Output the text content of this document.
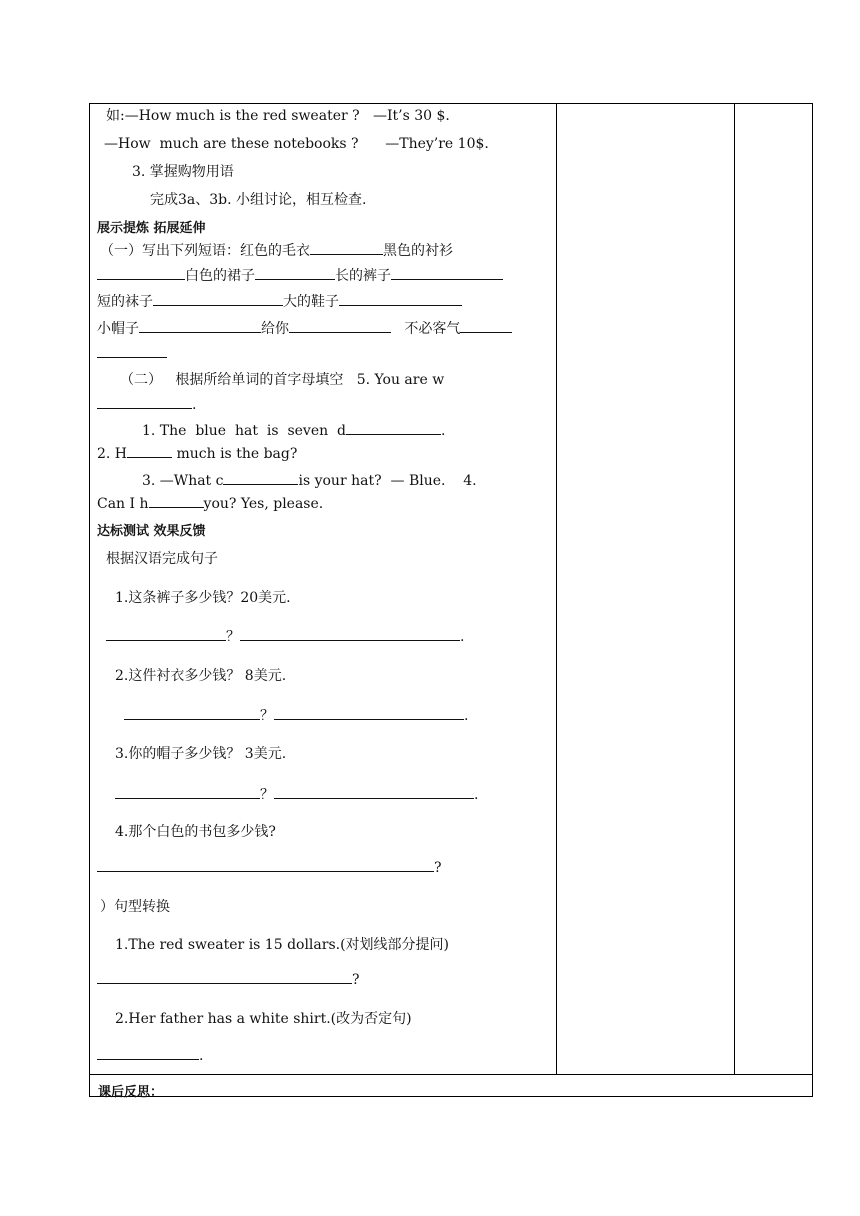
课后反思：
如:—How much is the red sweater ?   —It’s 30 $.
—How  much are these notebooks ?      —They’re 10$.
3. 掌握购物用语
完成3a、3b. 小组讨论，相互检查.
展示提炼 拓展延伸
（一）写出下列短语：红色的毛衣	黑色的衬衫
白色的裙子	长的裤子
短的袜子	大的鞋子
小帽子	给你	不必客气
（二）   根据所给单词的首字母填空   5. You are w
.
1. The  blue  hat  is  seven  d	.
2. H	much is the bag?
3. —What c	is your hat?  — Blue.    4.
Can I h	you? Yes, please.
达标测试 效果反馈
根据汉语完成句子
1.这条裤子多少钱？20美元.
？	.
2.这件衬衣多少钱？ 8美元.
？	.
3.你的帽子多少钱？ 3美元.
？	.
4.那个白色的书包多少钱?
?
）句型转换
1.The red sweater is 15 dollars.(对划线部分提问)
?
2.Her father has a white shirt.(改为否定句)
.
